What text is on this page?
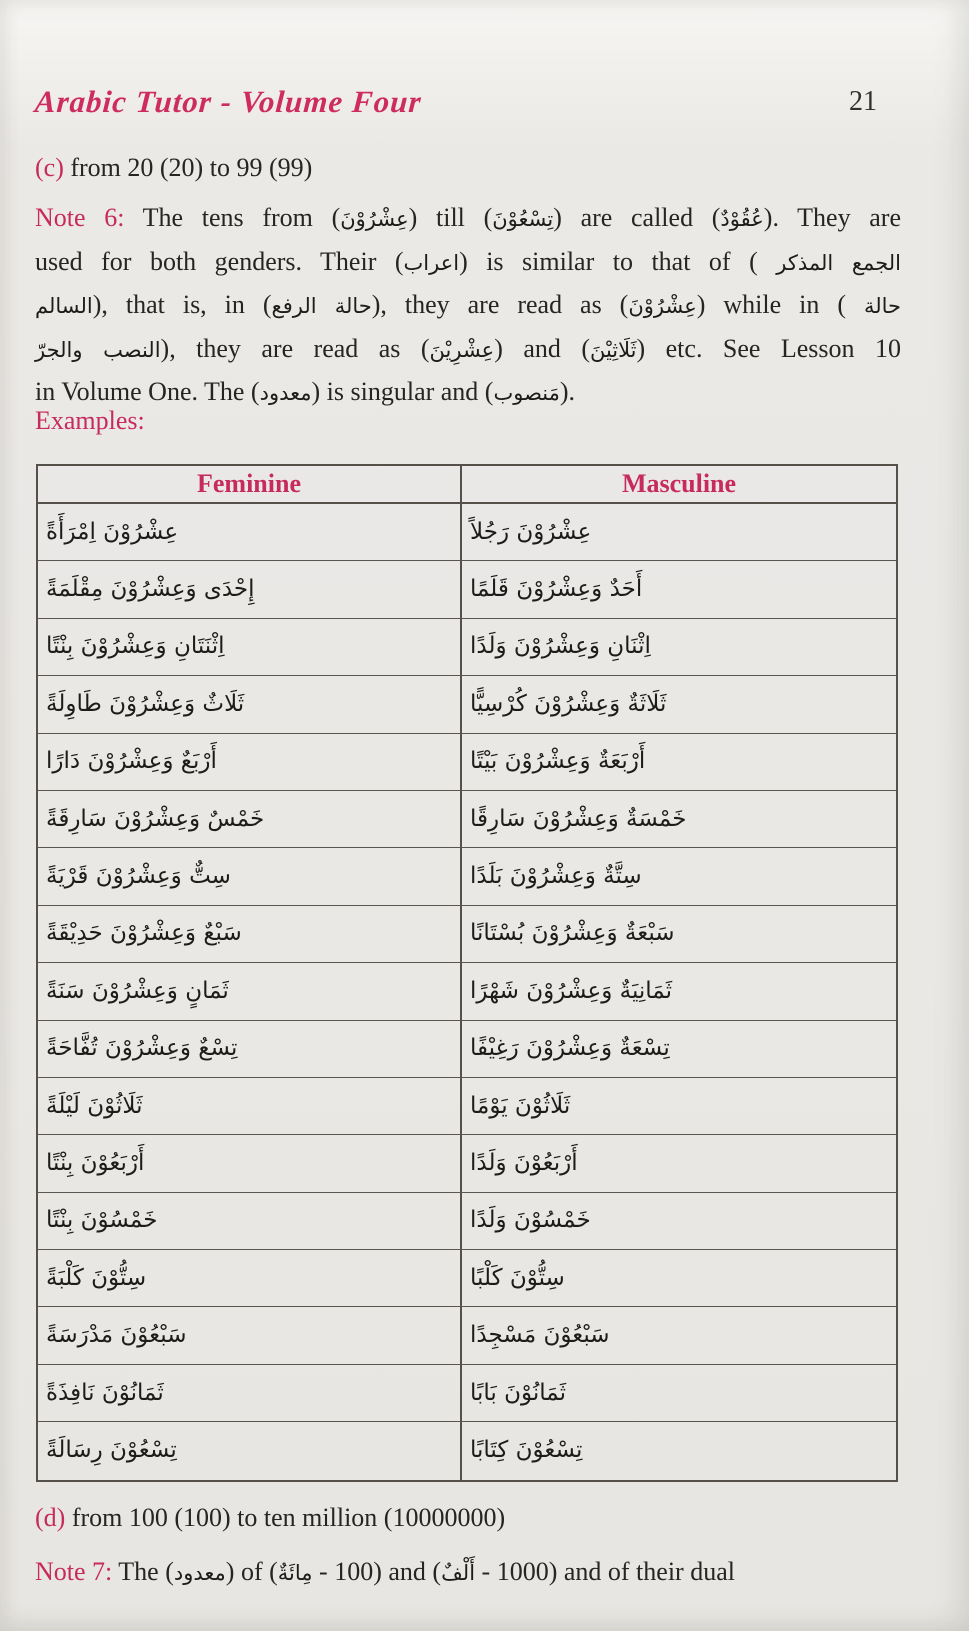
Arabic Tutor - Volume Four	21
(c) from 20 (20) to 99 (99)
Note 6: The tens from (عِشْرُوْنَ) till (تِسْعُوْنَ) are called (عُقُوْدٌ). They are
used for both genders. Their (اعراب) is similar to that of ( الجمع المذكر
السالم), that is, in (حالة الرفع), they are read as (عِشْرُوْنَ) while in ( حالة
النصب والجرّ), they are read as (عِشْرِيْنَ) and (ثَلَاثِيْنَ) etc. See Lesson 10
in Volume One. The (معدود) is singular and (مَنصوب).
Examples:
Feminine	Masculine
عِشْرُوْنَ اِمْرَأَةً	عِشْرُوْنَ رَجُلاً
إِحْدَى وَعِشْرُوْنَ مِقْلَمَةً	أَحَدٌ وَعِشْرُوْنَ قَلَمًا
اِثْنَتَانِ وَعِشْرُوْنَ بِنْتًا	اِثْنَانِ وَعِشْرُوْنَ وَلَدًا
ثَلَاثٌ وَعِشْرُوْنَ طَاوِلَةً	ثَلَاثَةٌ وَعِشْرُوْنَ كُرْسِيًّا
أَرْبَعٌ وَعِشْرُوْنَ دَارًا	أَرْبَعَةٌ وَعِشْرُوْنَ بَيْتًا
خَمْسٌ وَعِشْرُوْنَ سَارِقَةً	خَمْسَةٌ وَعِشْرُوْنَ سَارِقًا
سِتٌّ وَعِشْرُوْنَ قَرْيَةً	سِتَّةٌ وَعِشْرُوْنَ بَلَدًا
سَبْعٌ وَعِشْرُوْنَ حَدِيْقَةً	سَبْعَةٌ وَعِشْرُوْنَ بُسْتَانًا
ثَمَانٍ وَعِشْرُوْنَ سَنَةً	ثَمَانِيَةٌ وَعِشْرُوْنَ شَهْرًا
تِسْعٌ وَعِشْرُوْنَ تُفَّاحَةً	تِسْعَةٌ وَعِشْرُوْنَ رَغِيْفًا
ثَلَاثُوْنَ لَيْلَةً	ثَلَاثُوْنَ يَوْمًا
أَرْبَعُوْنَ بِنْتًا	أَرْبَعُوْنَ وَلَدًا
خَمْسُوْنَ بِنْتًا	خَمْسُوْنَ وَلَدًا
سِتُّوْنَ كَلْبَةً	سِتُّوْنَ كَلْبًا
سَبْعُوْنَ مَدْرَسَةً	سَبْعُوْنَ مَسْجِدًا
ثَمَانُوْنَ نَافِذَةً	ثَمَانُوْنَ بَابًا
تِسْعُوْنَ رِسَالَةً	تِسْعُوْنَ كِتَابًا
(d) from 100 (100) to ten million (10000000)
Note 7: The (معدود) of (مِائَةٌ - 100) and (أَلْفٌ - 1000) and of their dual
